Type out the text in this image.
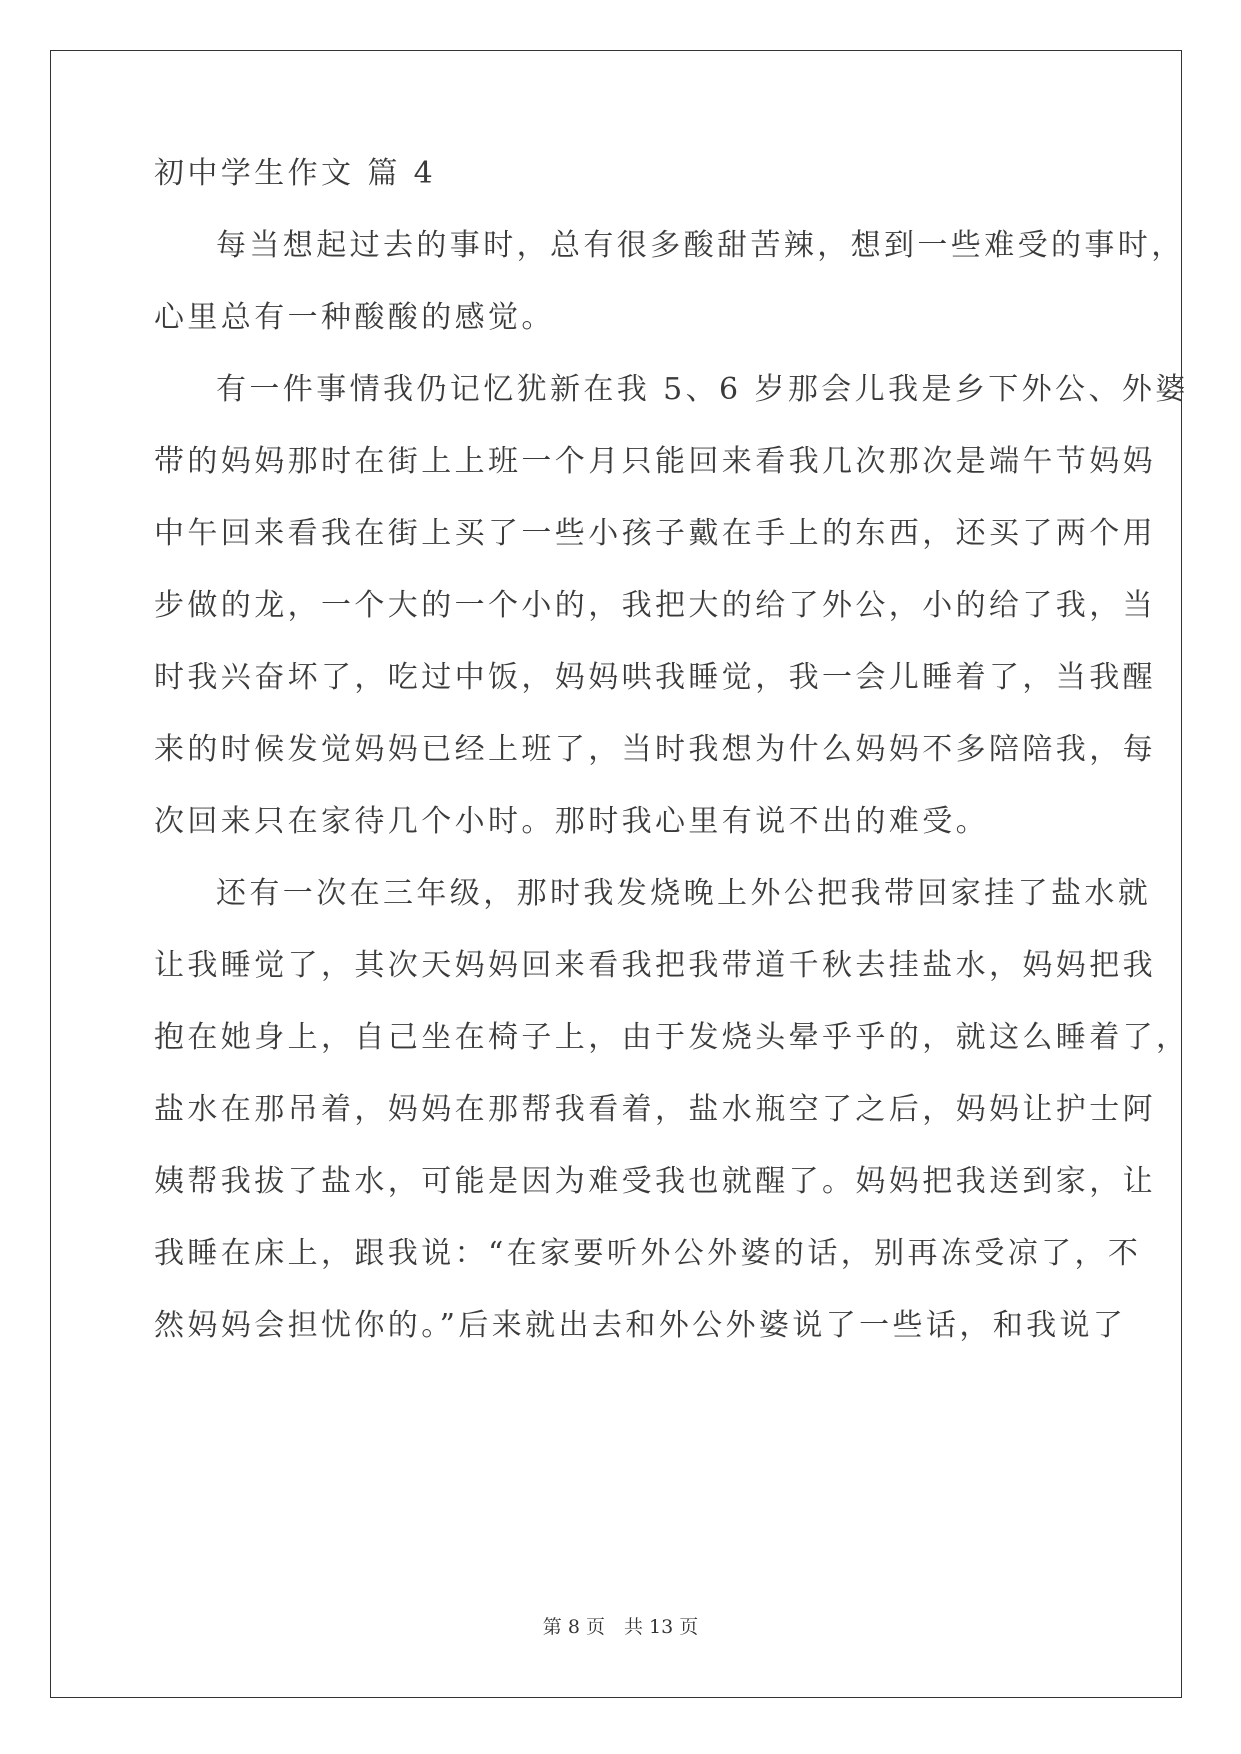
初中学生作文 篇 4
每当想起过去的事时，总有很多酸甜苦辣，想到一些难受的事时，
心里总有一种酸酸的感觉。
有一件事情我仍记忆犹新在我 5、6 岁那会儿我是乡下外公、外婆
带的妈妈那时在街上上班一个月只能回来看我几次那次是端午节妈妈
中午回来看我在街上买了一些小孩子戴在手上的东西，还买了两个用
步做的龙，一个大的一个小的，我把大的给了外公，小的给了我，当
时我兴奋坏了，吃过中饭，妈妈哄我睡觉，我一会儿睡着了，当我醒
来的时候发觉妈妈已经上班了，当时我想为什么妈妈不多陪陪我，每
次回来只在家待几个小时。那时我心里有说不出的难受。
还有一次在三年级，那时我发烧晚上外公把我带回家挂了盐水就
让我睡觉了，其次天妈妈回来看我把我带道千秋去挂盐水，妈妈把我
抱在她身上，自己坐在椅子上，由于发烧头晕乎乎的，就这么睡着了，
盐水在那吊着，妈妈在那帮我看着，盐水瓶空了之后，妈妈让护士阿
姨帮我拔了盐水，可能是因为难受我也就醒了。妈妈把我送到家，让
我睡在床上，跟我说：“在家要听外公外婆的话，别再冻受凉了，不
然妈妈会担忧你的。”后来就出去和外公外婆说了一些话，和我说了
第 8 页　共 13 页
